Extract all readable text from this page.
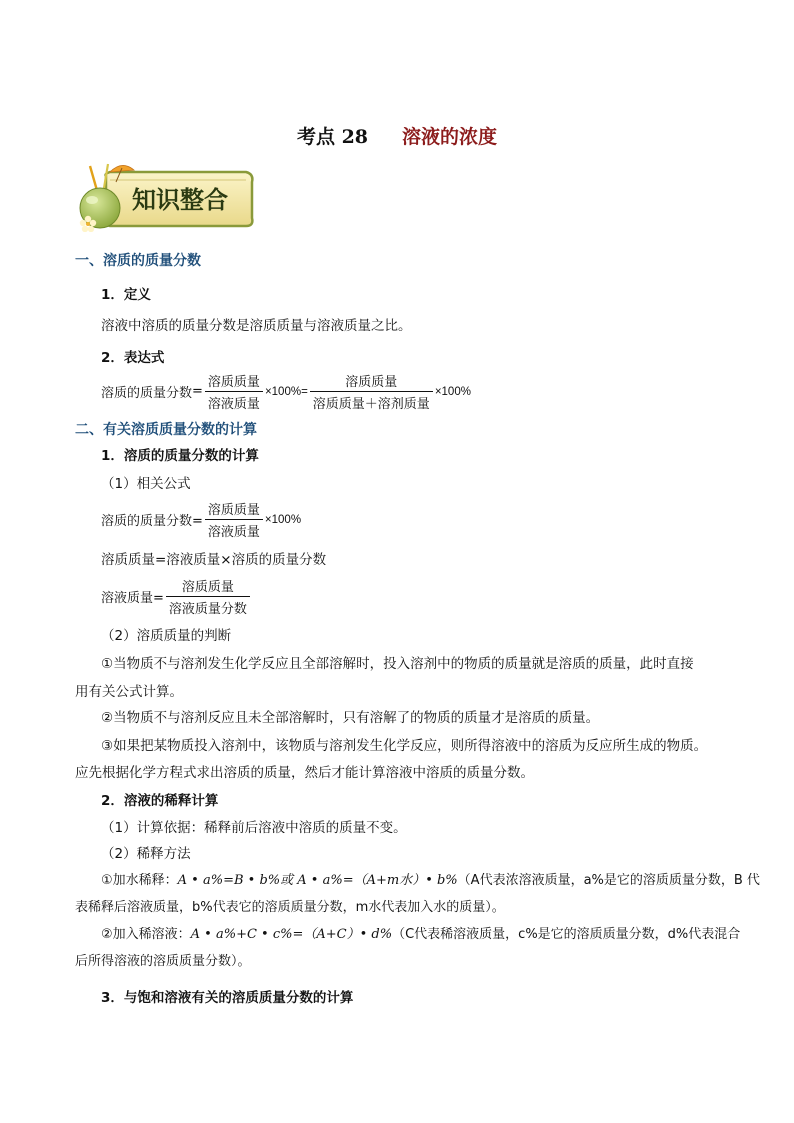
考点 28 溶液的浓度
知识整合
一、溶质的质量分数
1．定义
溶液中溶质的质量分数是溶质质量与溶液质量之比。
2．表达式
溶质的质量分数 = $\frac{\text{溶质质量}}{\text{溶液质量}} \times 100\%= \frac{\text{溶质质量}}{\text{溶质质量＋溶剂质量}} \times 100\%$
二、有关溶质质量分数的计算
1．溶质的质量分数的计算
（1）相关公式
溶质的质量分数= $\frac{\text{溶质质量}}{\text{溶液质量}} \times 100\%$
溶质质量=溶液质量×溶质的质量分数
溶液质量= $\frac{\text{溶质质量}}{\text{溶液质量分数}}$
（2）溶质质量的判断
①当物质不与溶剂发生化学反应且全部溶解时，投入溶剂中的物质的质量就是溶质的质量，此时直接
用有关公式计算。
②当物质不与溶剂反应且未全部溶解时，只有溶解了的物质的质量才是溶质的质量。
③如果把某物质投入溶剂中，该物质与溶剂发生化学反应，则所得溶液中的溶质为反应所生成的物质。
应先根据化学方程式求出溶质的质量，然后才能计算溶液中溶质的质量分数。
2．溶液的稀释计算
（1）计算依据：稀释前后溶液中溶质的质量不变。
（2）稀释方法
①加水稀释：A • a%=B • b%或 A • a%=（A+m水）• b%（A代表浓溶液质量，a%是它的溶质质量分数，B 代
表稀释后溶液质量，b%代表它的溶质质量分数，m水代表加入水的质量）。
②加入稀溶液：A • a%+C • c%=（A+C）• d%（C代表稀溶液质量，c%是它的溶质质量分数，d%代表混合
后所得溶液的溶质质量分数）。
3．与饱和溶液有关的溶质质量分数的计算
